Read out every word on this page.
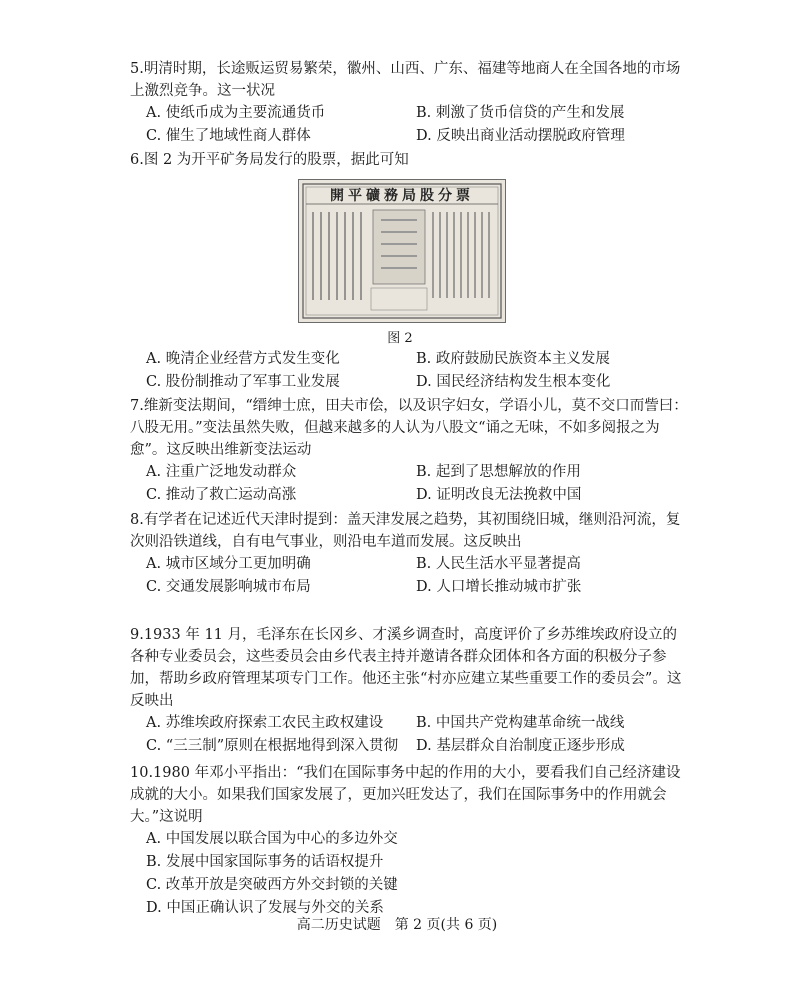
5.明清时期，长途贩运贸易繁荣，徽州、山西、广东、福建等地商人在全国各地的市场上激烈竞争。这一状况

A. 使纸币成为主要流通货币	B. 刺激了货币信贷的产生和发展
C. 催生了地域性商人群体	D. 反映出商业活动摆脱政府管理

6.图 2 为开平矿务局发行的股票，据此可知

開平礦務局股分票
图 2
A. 晚清企业经营方式发生变化	B. 政府鼓励民族资本主义发展
C. 股份制推动了军事工业发展	D. 国民经济结构发生根本变化

7.维新变法期间，“缙绅士庶，田夫市侩，以及识字妇女，学语小儿，莫不交口而訾曰：八股无用。”变法虽然失败，但越来越多的人认为八股文“诵之无味，不如多阅报之为愈”。这反映出维新变法运动

A. 注重广泛地发动群众	B. 起到了思想解放的作用
C. 推动了救亡运动高涨	D. 证明改良无法挽救中国

8.有学者在记述近代天津时提到：盖天津发展之趋势，其初围绕旧城，继则沿河流，复次则沿铁道线，自有电气事业，则沿电车道而发展。这反映出

A. 城市区域分工更加明确	B. 人民生活水平显著提高
C. 交通发展影响城市布局	D. 人口增长推动城市扩张

9.1933 年 11 月，毛泽东在长冈乡、才溪乡调查时，高度评价了乡苏维埃政府设立的各种专业委员会，这些委员会由乡代表主持并邀请各群众团体和各方面的积极分子参加，帮助乡政府管理某项专门工作。他还主张“村亦应建立某些重要工作的委员会”。这反映出

A. 苏维埃政府探索工农民主政权建设	B. 中国共产党构建革命统一战线
C. “三三制”原则在根据地得到深入贯彻	D. 基层群众自治制度正逐步形成

10.1980 年邓小平指出：“我们在国际事务中起的作用的大小，要看我们自己经济建设成就的大小。如果我们国家发展了，更加兴旺发达了，我们在国际事务中的作用就会大。”这说明

A. 中国发展以联合国为中心的多边外交
B. 发展中国家国际事务的话语权提升
C. 改革开放是突破西方外交封锁的关键
D. 中国正确认识了发展与外交的关系
高二历史试题　第 2 页(共 6 页)
